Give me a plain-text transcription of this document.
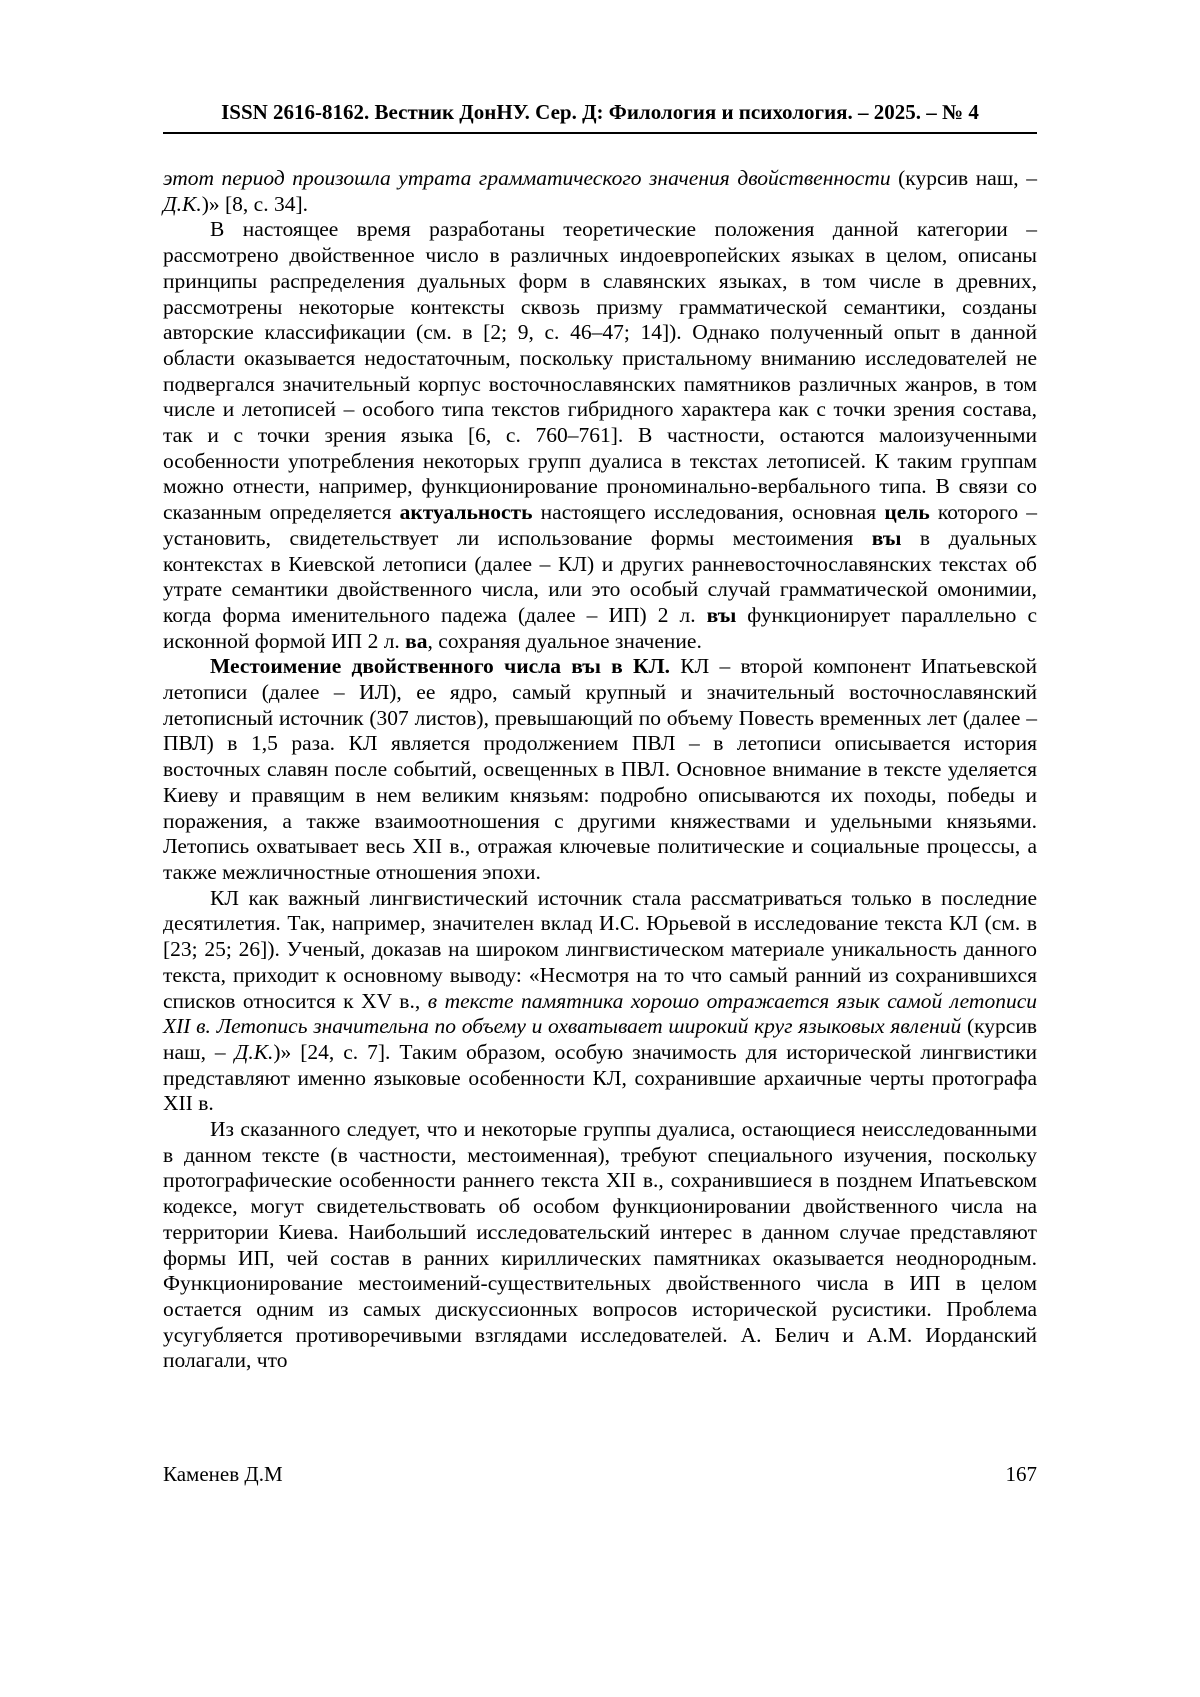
ISSN 2616-8162. Вестник ДонНУ. Сер. Д: Филология и психология. – 2025. – № 4

этот период произошла утрата грамматического значения двойственности (курсив наш, – Д.К.)» [8, с. 34].

В настоящее время разработаны теоретические положения данной категории – рассмотрено двойственное число в различных индоевропейских языках в целом, описаны принципы распределения дуальных форм в славянских языках, в том числе в древних, рассмотрены некоторые контексты сквозь призму грамматической семантики, созданы авторские классификации (см. в [2; 9, с. 46–47; 14]). Однако полученный опыт в данной области оказывается недостаточным, поскольку пристальному вниманию исследователей не подвергался значительный корпус восточнославянских памятников различных жанров, в том числе и летописей – особого типа текстов гибридного характера как с точки зрения состава, так и с точки зрения языка [6, с. 760–761]. В частности, остаются малоизученными особенности употребления некоторых групп дуалиса в текстах летописей. К таким группам можно отнести, например, функционирование прономинально-вербального типа. В связи со сказанным определяется актуальность настоящего исследования, основная цель которого – установить, свидетельствует ли использование формы местоимения въı в дуальных контекстах в Киевской летописи (далее – КЛ) и других ранневосточнославянских текстах об утрате семантики двойственного числа, или это особый случай грамматической омонимии, когда форма именительного падежа (далее – ИП) 2 л. въı функционирует параллельно с исконной формой ИП 2 л. ва, сохраняя дуальное значение.

Местоимение двойственного числа въı в КЛ. КЛ – второй компонент Ипатьевской летописи (далее – ИЛ), ее ядро, самый крупный и значительный восточнославянский летописный источник (307 листов), превышающий по объему Повесть временных лет (далее – ПВЛ) в 1,5 раза. КЛ является продолжением ПВЛ – в летописи описывается история восточных славян после событий, освещенных в ПВЛ. Основное внимание в тексте уделяется Киеву и правящим в нем великим князьям: подробно описываются их походы, победы и поражения, а также взаимоотношения с другими княжествами и удельными князьями. Летопись охватывает весь XII в., отражая ключевые политические и социальные процессы, а также межличностные отношения эпохи.

КЛ как важный лингвистический источник стала рассматриваться только в последние десятилетия. Так, например, значителен вклад И.С. Юрьевой в исследование текста КЛ (см. в [23; 25; 26]). Ученый, доказав на широком лингвистическом материале уникальность данного текста, приходит к основному выводу: «Несмотря на то что самый ранний из сохранившихся списков относится к XV в., в тексте памятника хорошо отражается язык самой летописи XII в. Летопись значительна по объему и охватывает широкий круг языковых явлений (курсив наш, – Д.К.)» [24, с. 7]. Таким образом, особую значимость для исторической лингвистики представляют именно языковые особенности КЛ, сохранившие архаичные черты протографа XII в.

Из сказанного следует, что и некоторые группы дуалиса, остающиеся неисследованными в данном тексте (в частности, местоименная), требуют специального изучения, поскольку протографические особенности раннего текста XII в., сохранившиеся в позднем Ипатьевском кодексе, могут свидетельствовать об особом функционировании двойственного числа на территории Киева. Наибольший исследовательский интерес в данном случае представляют формы ИП, чей состав в ранних кириллических памятниках оказывается неоднородным. Функционирование местоимений-существительных двойственного числа в ИП в целом остается одним из самых дискуссионных вопросов исторической русистики. Проблема усугубляется противоречивыми взглядами исследователей. А. Белич и А.М. Иорданский полагали, что

Каменев Д.М	167
